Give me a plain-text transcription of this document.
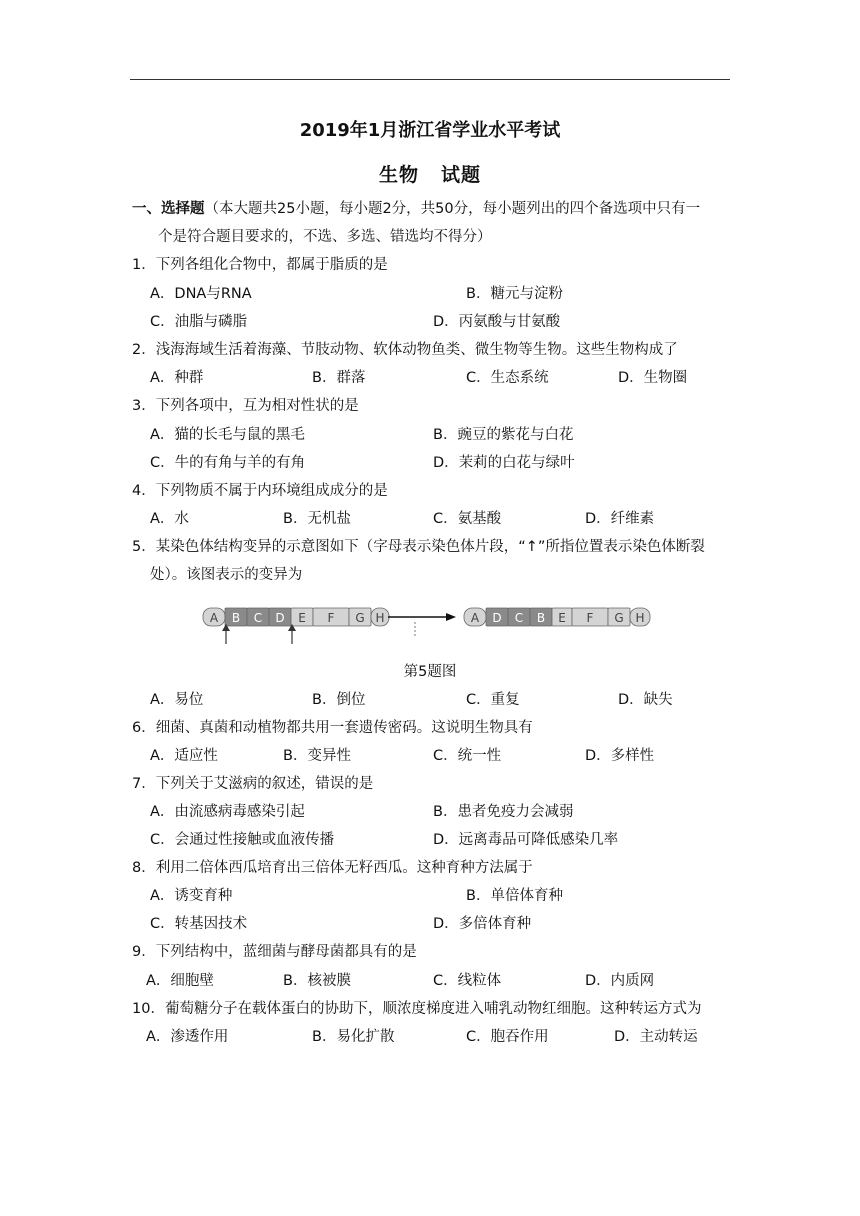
2019年1月浙江省学业水平考试
生物 试题
一、选择题（本大题共25小题，每小题2分，共50分，每小题列出的四个备选项中只有一
个是符合题目要求的，不选、多选、错选均不得分）
1．下列各组化合物中，都属于脂质的是
A．DNA与RNA	B．糖元与淀粉
C．油脂与磷脂	D．丙氨酸与甘氨酸
2．浅海海域生活着海藻、节肢动物、软体动物鱼类、微生物等生物。这些生物构成了
A．种群	B．群落	C．生态系统	D．生物圈
3．下列各项中，互为相对性状的是
A．猫的长毛与鼠的黑毛	B．豌豆的紫花与白花
C．牛的有角与羊的有角	D．茉莉的白花与绿叶
4．下列物质不属于内环境组成成分的是
A．水	B．无机盐	C．氨基酸	D．纤维素
5．某染色体结构变异的示意图如下（字母表示染色体片段，“↑”所指位置表示染色体断裂
处）。该图表示的变异为
A B C D E F G H	A D C B E F G H
第5题图
A．易位	B．倒位	C．重复	D．缺失
6．细菌、真菌和动植物都共用一套遗传密码。这说明生物具有
A．适应性	B．变异性	C．统一性	D．多样性
7．下列关于艾滋病的叙述，错误的是
A．由流感病毒感染引起	B．患者免疫力会减弱
C．会通过性接触或血液传播	D．远离毒品可降低感染几率
8．利用二倍体西瓜培育出三倍体无籽西瓜。这种育种方法属于
A．诱变育种	B．单倍体育种
C．转基因技术	D．多倍体育种
9．下列结构中，蓝细菌与酵母菌都具有的是
A．细胞壁	B．核被膜	C．线粒体	D．内质网
10．葡萄糖分子在载体蛋白的协助下，顺浓度梯度进入哺乳动物红细胞。这种转运方式为
A．渗透作用	B．易化扩散	C．胞吞作用	D．主动转运
